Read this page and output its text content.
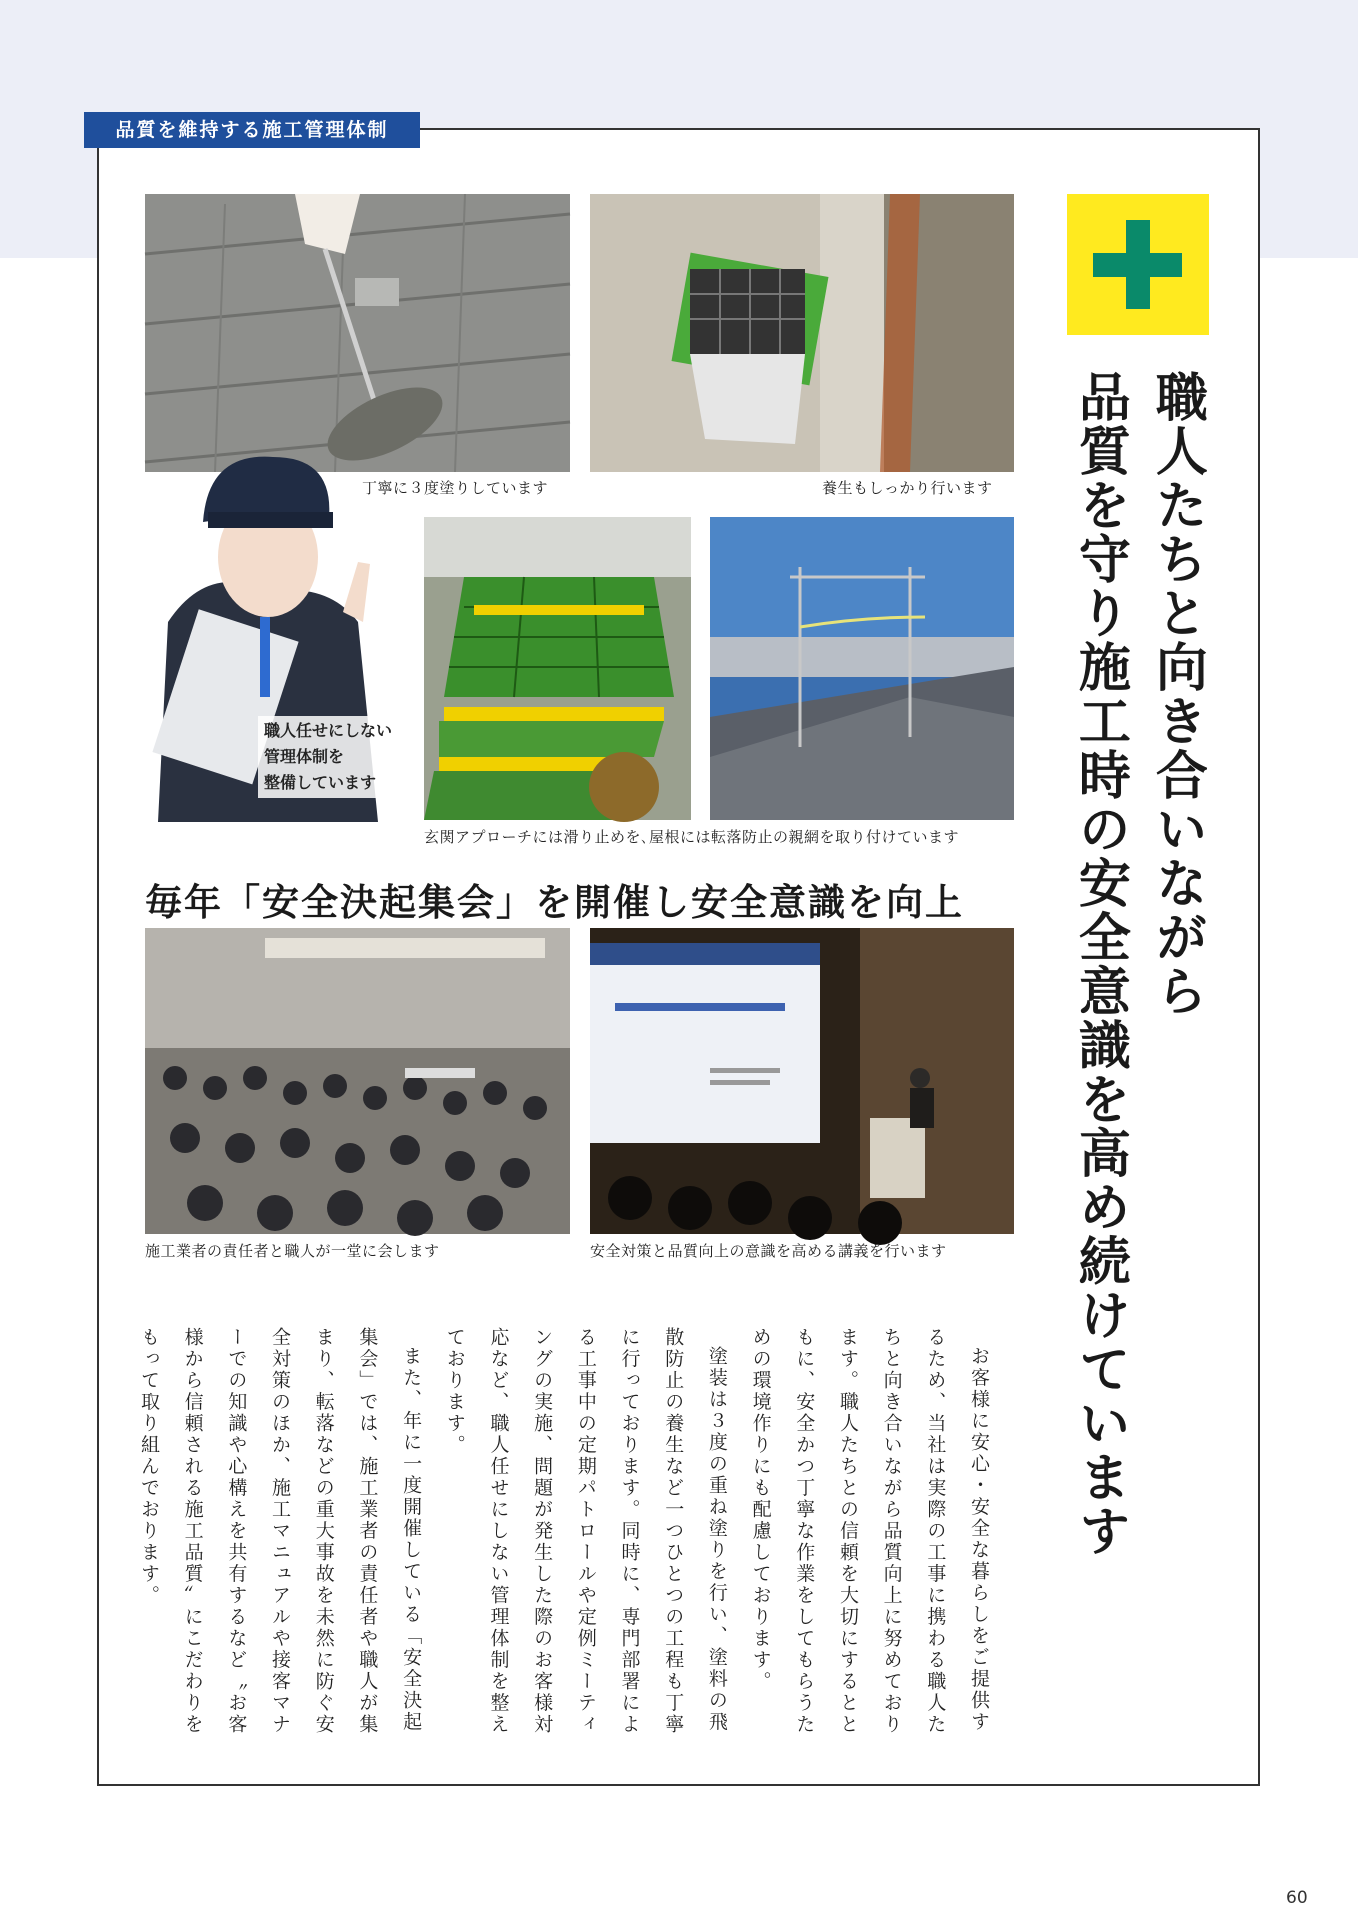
品質を維持する施工管理体制
丁寧に３度塗りしています	養生もしっかり行います
職人任せにしない
管理体制を
整備しています
玄関アプローチには滑り止めを､屋根には転落防止の親網を取り付けています
毎年「安全決起集会」を開催し安全意識を向上
施工業者の責任者と職人が一堂に会します	安全対策と品質向上の意識を高める講義を行います
職人たちと向き合いながら
品質を守り施工時の安全意識を高め続けています

お客様に安心・安全な暮らしをご提供するため、当社は実際の工事に携わる職人たちと向き合いながら品質向上に努めております。職人たちとの信頼を大切にするとともに、安全かつ丁寧な作業をしてもらうための環境作りにも配慮しております。

塗装は３度の重ね塗りを行い、塗料の飛散防止の養生など一つひとつの工程も丁寧に行っております。同時に、専門部署による工事中の定期パトロールや定例ミーティングの実施、問題が発生した際のお客様対応など、職人任せにしない管理体制を整えております。

また、年に一度開催している「安全決起集会」では、施工業者の責任者や職人が集まり、転落などの重大事故を未然に防ぐ安全対策のほか、施工マニュアルや接客マナーでの知識や心構えを共有するなど〝お客様から信頼される施工品質〟にこだわりをもって取り組んでおります。

60
